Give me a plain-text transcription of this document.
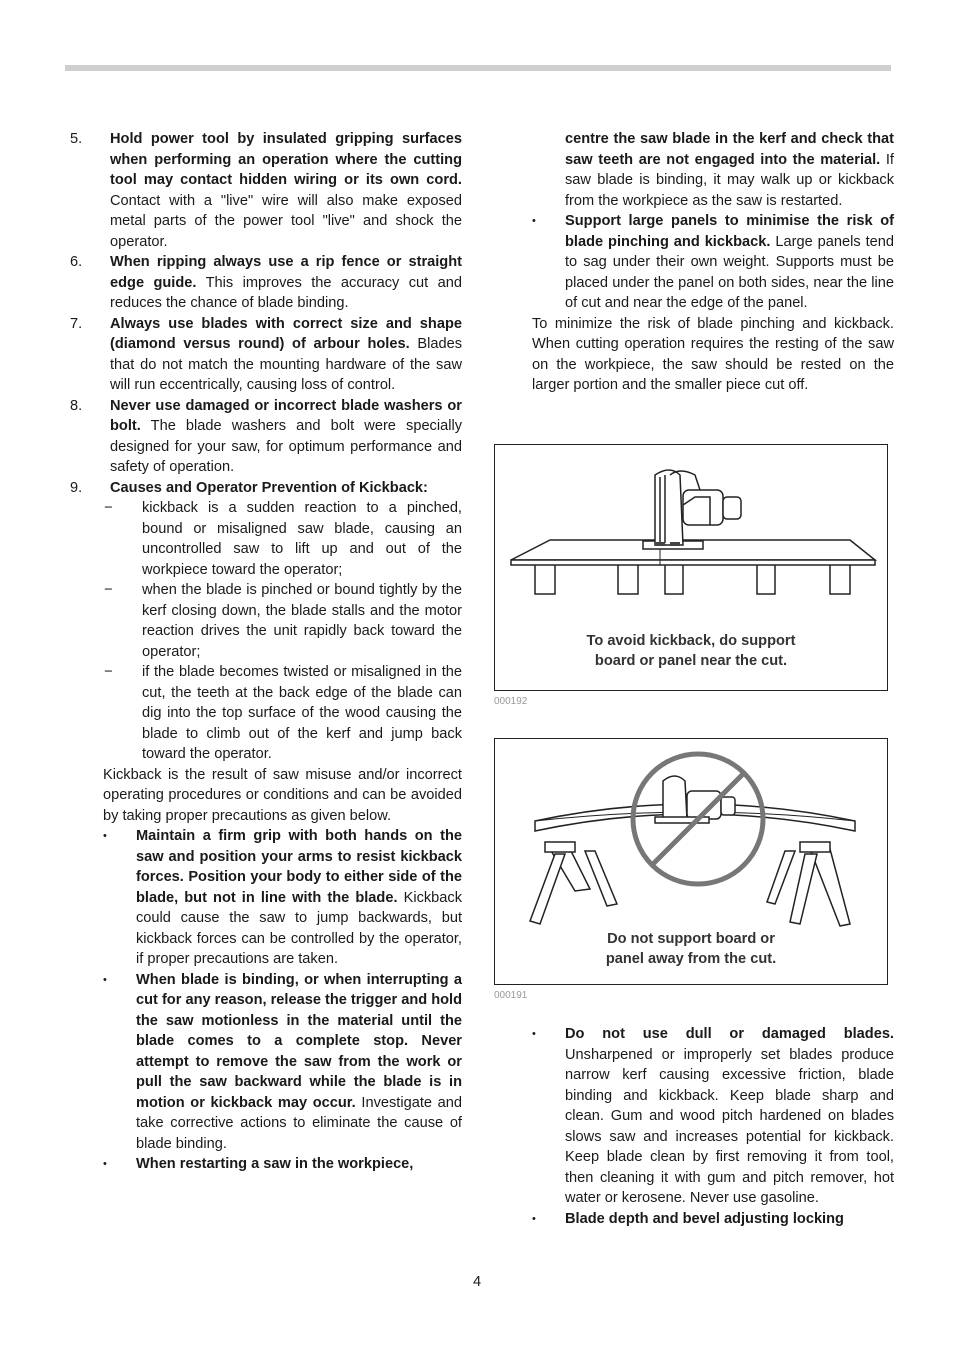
5.	Hold power tool by insulated gripping surfaces when performing an operation where the cutting tool may contact hidden wiring or its own cord. Contact with a "live" wire will also make exposed metal parts of the power tool "live" and shock the operator.

6.	When ripping always use a rip fence or straight edge guide. This improves the accuracy cut and reduces the chance of blade binding.

7.	Always use blades with correct size and shape (diamond versus round) of arbour holes. Blades that do not match the mounting hardware of the saw will run eccentrically, causing loss of control.

8.	Never use damaged or incorrect blade washers or bolt. The blade washers and bolt were specially designed for your saw, for optimum performance and safety of operation.

9.	Causes and Operator Prevention of Kickback:

−	kickback is a sudden reaction to a pinched, bound or misaligned saw blade, causing an uncontrolled saw to lift up and out of the workpiece toward the operator;

−	when the blade is pinched or bound tightly by the kerf closing down, the blade stalls and the motor reaction drives the unit rapidly back toward the operator;

−	if the blade becomes twisted or misaligned in the cut, the teeth at the back edge of the blade can dig into the top surface of the wood causing the blade to climb out of the kerf and jump back toward the operator.

Kickback is the result of saw misuse and/or incorrect operating procedures or conditions and can be avoided by taking proper precautions as given below.

•	Maintain a firm grip with both hands on the saw and position your arms to resist kickback forces. Position your body to either side of the blade, but not in line with the blade. Kickback could cause the saw to jump backwards, but kickback forces can be controlled by the operator, if proper precautions are taken.

•	When blade is binding, or when interrupting a cut for any reason, release the trigger and hold the saw motionless in the material until the blade comes to a complete stop. Never attempt to remove the saw from the work or pull the saw backward while the blade is in motion or kickback may occur. Investigate and take corrective actions to eliminate the cause of blade binding.

•	When restarting a saw in the workpiece,

centre the saw blade in the kerf and check that saw teeth are not engaged into the material. If saw blade is binding, it may walk up or kickback from the workpiece as the saw is restarted.

•	Support large panels to minimise the risk of blade pinching and kickback. Large panels tend to sag under their own weight. Supports must be placed under the panel on both sides, near the line of cut and near the edge of the panel.

To minimize the risk of blade pinching and kickback. When cutting operation requires the resting of the saw on the workpiece, the saw should be rested on the larger portion and the smaller piece cut off.

To avoid kickback, do support
board or panel near the cut.
000192
Do not support board or
panel away from the cut.
000191
•	Do not use dull or damaged blades. Unsharpened or improperly set blades produce narrow kerf causing excessive friction, blade binding and kickback. Keep blade sharp and clean. Gum and wood pitch hardened on blades slows saw and increases potential for kickback. Keep blade clean by first removing it from tool, then cleaning it with gum and pitch remover, hot water or kerosene. Never use gasoline.

•	Blade depth and bevel adjusting locking

4
